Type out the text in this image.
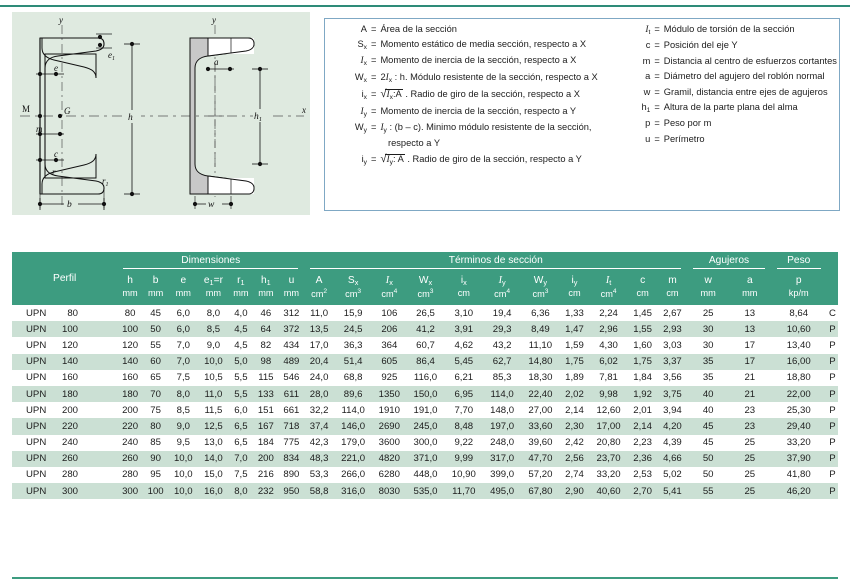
y
x
e
$e_1$
M	G
m
c
r
$r_1$
h
b
y
a
$h_1$
w
A = Área de la sección
$S_x$ = Momento estático de media sección, respecto a X
$I_x$ = Momento de inercia de la sección, respecto a X
$W_x = 2I_x$ : h. Módulo resistente de la sección, respecto a X
$i_x$ = $√I_x:A$ . Radio de giro de la sección, respecto a X
$I_y$ = Momento de inercia de la sección, respecto a Y
$W_y = I_y$ : (b – c). Minimo módulo resistente de la sección,
respecto a Y
$i_y = √I_y$: A . Radio de giro de la sección, respecto a Y
$I_t$ = Módulo de torsión de la sección
c = Posición del eje Y
m = Distancia al centro de esfuerzos cortantes
a = Diámetro del agujero del roblón normal
w = Gramil, distancia entre ejes de agujeros
$h_1$ = Altura de la parte plana del alma
p = Peso por m
u = Perímetro
Perfil	Dimensiones							Términos de sección											Agujeros		Peso	

	h	b	e	$e_1=r$	$r_1$	$h_1$	u	A	$S_x$	$I_x$	$W_x$	$i_x$	$I_y$	$W_y$	$i_y$	$I_t$	c	m	w	a	p	
	mm	mm	mm	mm	mm	mm	mm	$cm^2$	$cm^3$	$cm^4$	$cm^3$	cm	$cm^4$	$cm^3$	cm	$cm^4$	cm	cm	mm	mm	kp/m	
UPN 80	80	45	6,0	8,0	4,0	46	312	11,0	15,9	106	26,5	3,10	19,4	6,36	1,33	2,24	1,45	2,67	25	13	8,64	C
UPN 100	100	50	6,0	8,5	4,5	64	372	13,5	24,5	206	41,2	3,91	29,3	8,49	1,47	2,96	1,55	2,93	30	13	10,60	P
UPN 120	120	55	7,0	9,0	4,5	82	434	17,0	36,3	364	60,7	4,62	43,2	11,10	1,59	4,30	1,60	3,03	30	17	13,40	P
UPN 140	140	60	7,0	10,0	5,0	98	489	20,4	51,4	605	86,4	5,45	62,7	14,80	1,75	6,02	1,75	3,37	35	17	16,00	P
UPN 160	160	65	7,5	10,5	5,5	115	546	24,0	68,8	925	116,0	6,21	85,3	18,30	1,89	7,81	1,84	3,56	35	21	18,80	P
UPN 180	180	70	8,0	11,0	5,5	133	611	28,0	89,6	1350	150,0	6,95	114,0	22,40	2,02	9,98	1,92	3,75	40	21	22,00	P
UPN 200	200	75	8,5	11,5	6,0	151	661	32,2	114,0	1910	191,0	7,70	148,0	27,00	2,14	12,60	2,01	3,94	40	23	25,30	P
UPN 220	220	80	9,0	12,5	6,5	167	718	37,4	146,0	2690	245,0	8,48	197,0	33,60	2,30	17,00	2,14	4,20	45	23	29,40	P
UPN 240	240	85	9,5	13,0	6,5	184	775	42,3	179,0	3600	300,0	9,22	248,0	39,60	2,42	20,80	2,23	4,39	45	25	33,20	P
UPN 260	260	90	10,0	14,0	7,0	200	834	48,3	221,0	4820	371,0	9,99	317,0	47,70	2,56	23,70	2,36	4,66	50	25	37,90	P
UPN 280	280	95	10,0	15,0	7,5	216	890	53,3	266,0	6280	448,0	10,90	399,0	57,20	2,74	33,20	2,53	5,02	50	25	41,80	P
UPN 300	300	100	10,0	16,0	8,0	232	950	58,8	316,0	8030	535,0	11,70	495,0	67,80	2,90	40,60	2,70	5,41	55	25	46,20	P
